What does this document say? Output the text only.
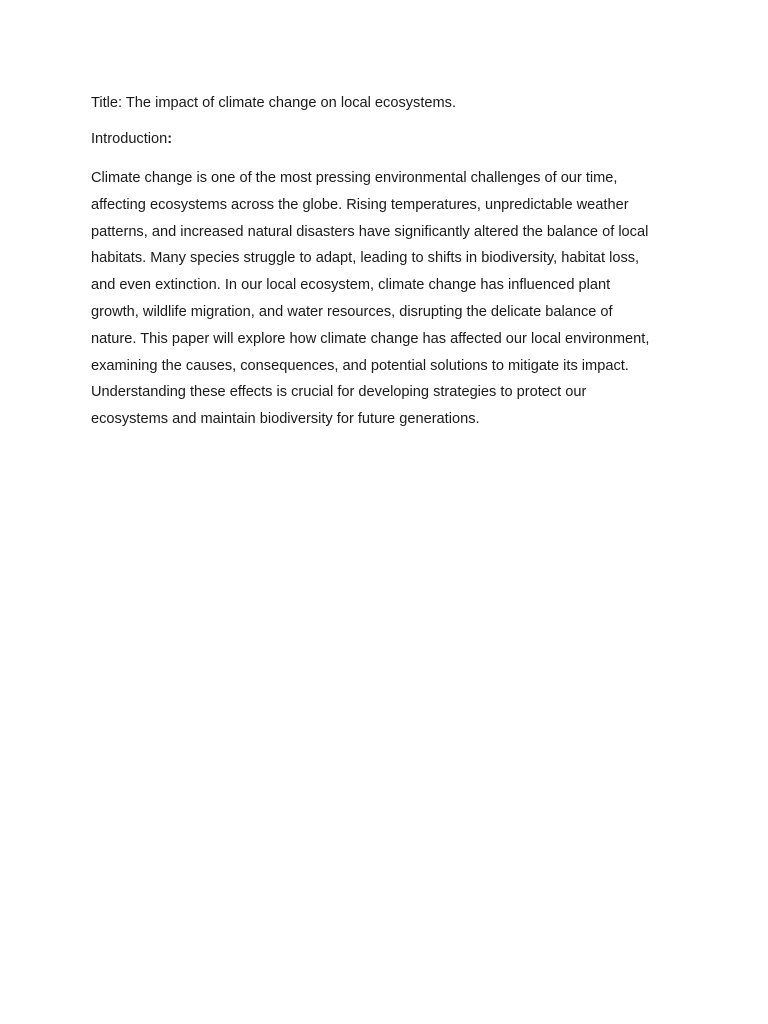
Title: The impact of climate change on local ecosystems.

Introduction:

Climate change is one of the most pressing environmental challenges of our time,

affecting ecosystems across the globe. Rising temperatures, unpredictable weather

patterns, and increased natural disasters have significantly altered the balance of local

habitats. Many species struggle to adapt, leading to shifts in biodiversity, habitat loss,

and even extinction. In our local ecosystem, climate change has influenced plant

growth, wildlife migration, and water resources, disrupting the delicate balance of

nature. This paper will explore how climate change has affected our local environment,

examining the causes, consequences, and potential solutions to mitigate its impact.

Understanding these effects is crucial for developing strategies to protect our

ecosystems and maintain biodiversity for future generations.
